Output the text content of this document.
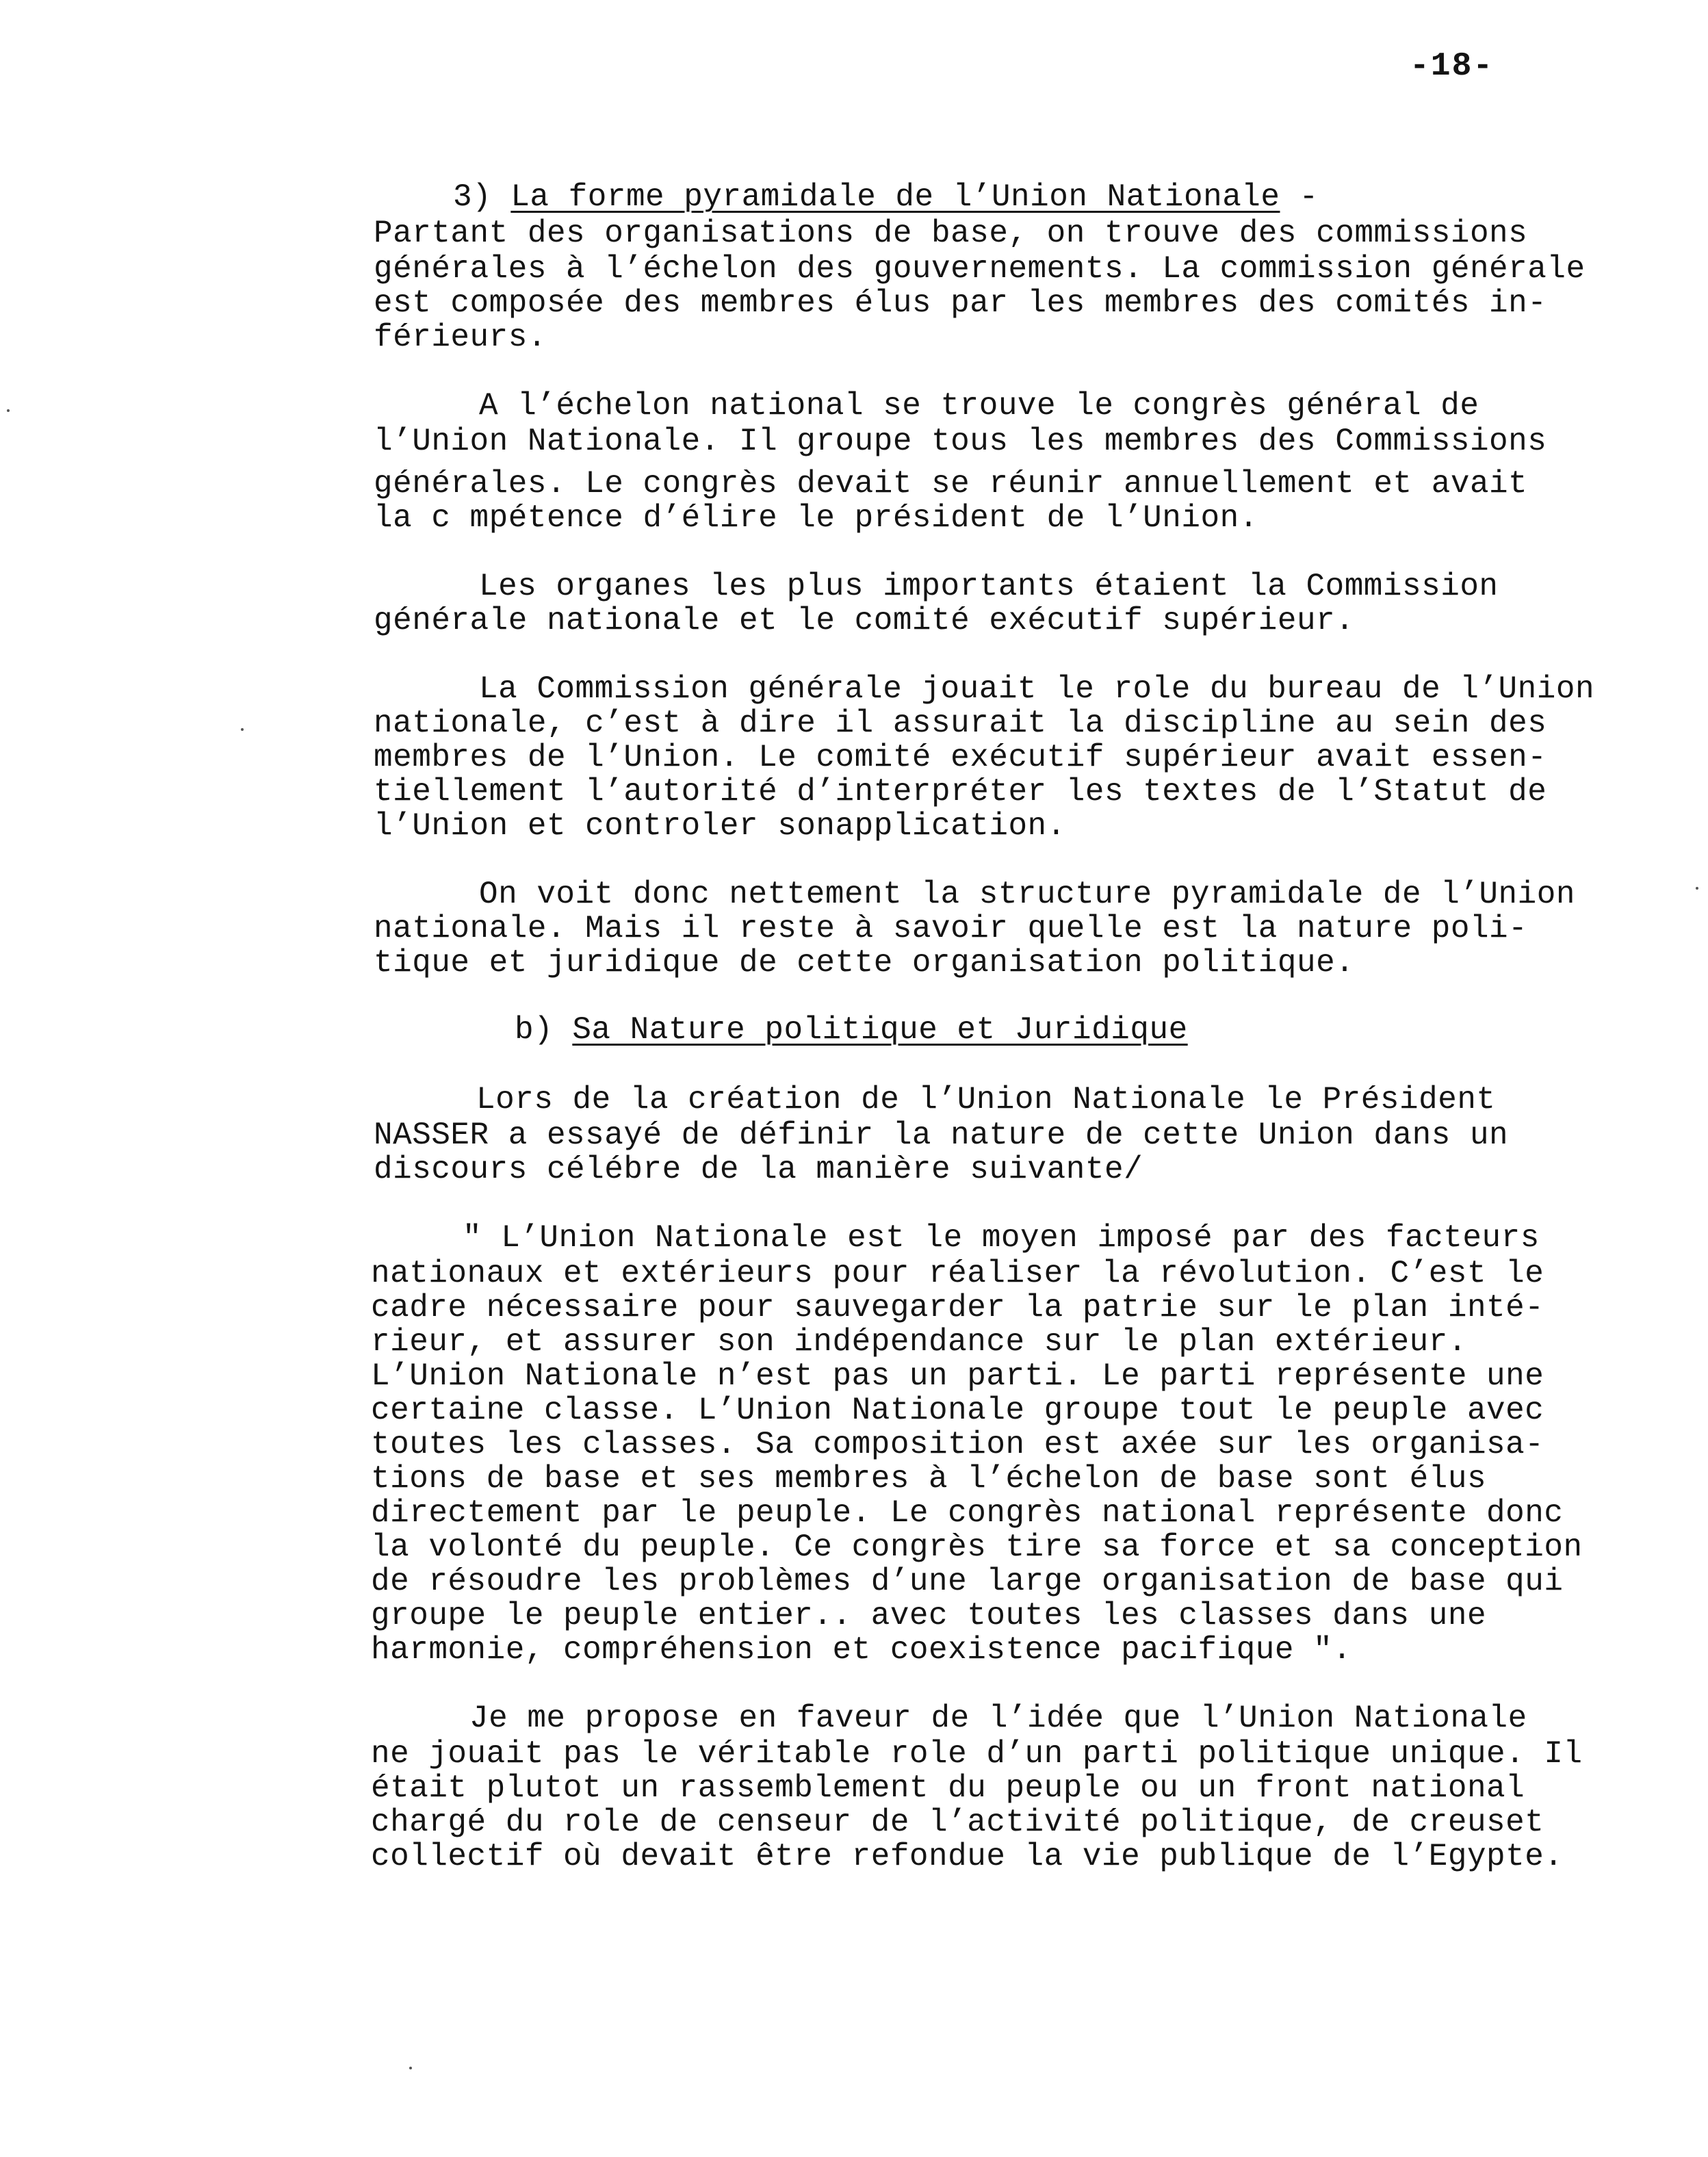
-18-
3) La forme pyramidale de l’Union Nationale -
Partant des organisations de base, on trouve des commissions
générales à l’échelon des gouvernements. La commission générale
est composée des membres élus par les membres des comités in-
férieurs.
A l’échelon national se trouve le congrès général de
l’Union Nationale. Il groupe tous les membres des Commissions
générales. Le congrès devait se réunir annuellement et avait
la c mpétence d’élire le président de l’Union.
Les organes les plus importants étaient la Commission
générale nationale et le comité exécutif supérieur.
La Commission générale jouait le role du bureau de l’Union
nationale, c’est à dire il assurait la discipline au sein des
membres de l’Union. Le comité exécutif supérieur avait essen-
tiellement l’autorité d’interpréter les textes de l’Statut de
l’Union et controler sonapplication.
On voit donc nettement la structure pyramidale de l’Union
nationale. Mais il reste à savoir quelle est la nature poli-
tique et juridique de cette organisation politique.
b) Sa Nature politique et Juridique
Lors de la création de l’Union Nationale le Président
NASSER a essayé de définir la nature de cette Union dans un
discours célébre de la manière suivante/
" L’Union Nationale est le moyen imposé par des facteurs
nationaux et extérieurs pour réaliser la révolution. C’est le
cadre nécessaire pour sauvegarder la patrie sur le plan inté-
rieur, et assurer son indépendance sur le plan extérieur.
L’Union Nationale n’est pas un parti. Le parti représente une
certaine classe. L’Union Nationale groupe tout le peuple avec
toutes les classes. Sa composition est axée sur les organisa-
tions de base et ses membres à l’échelon de base sont élus
directement par le peuple. Le congrès national représente donc
la volonté du peuple. Ce congrès tire sa force et sa conception
de résoudre les problèmes d’une large organisation de base qui
groupe le peuple entier.. avec toutes les classes dans une
harmonie, compréhension et coexistence pacifique ".
Je me propose en faveur de l’idée que l’Union Nationale
ne jouait pas le véritable role d’un parti politique unique. Il
était plutot un rassemblement du peuple ou un front national
chargé du role de censeur de l’activité politique, de creuset
collectif où devait être refondue la vie publique de l’Egypte.
